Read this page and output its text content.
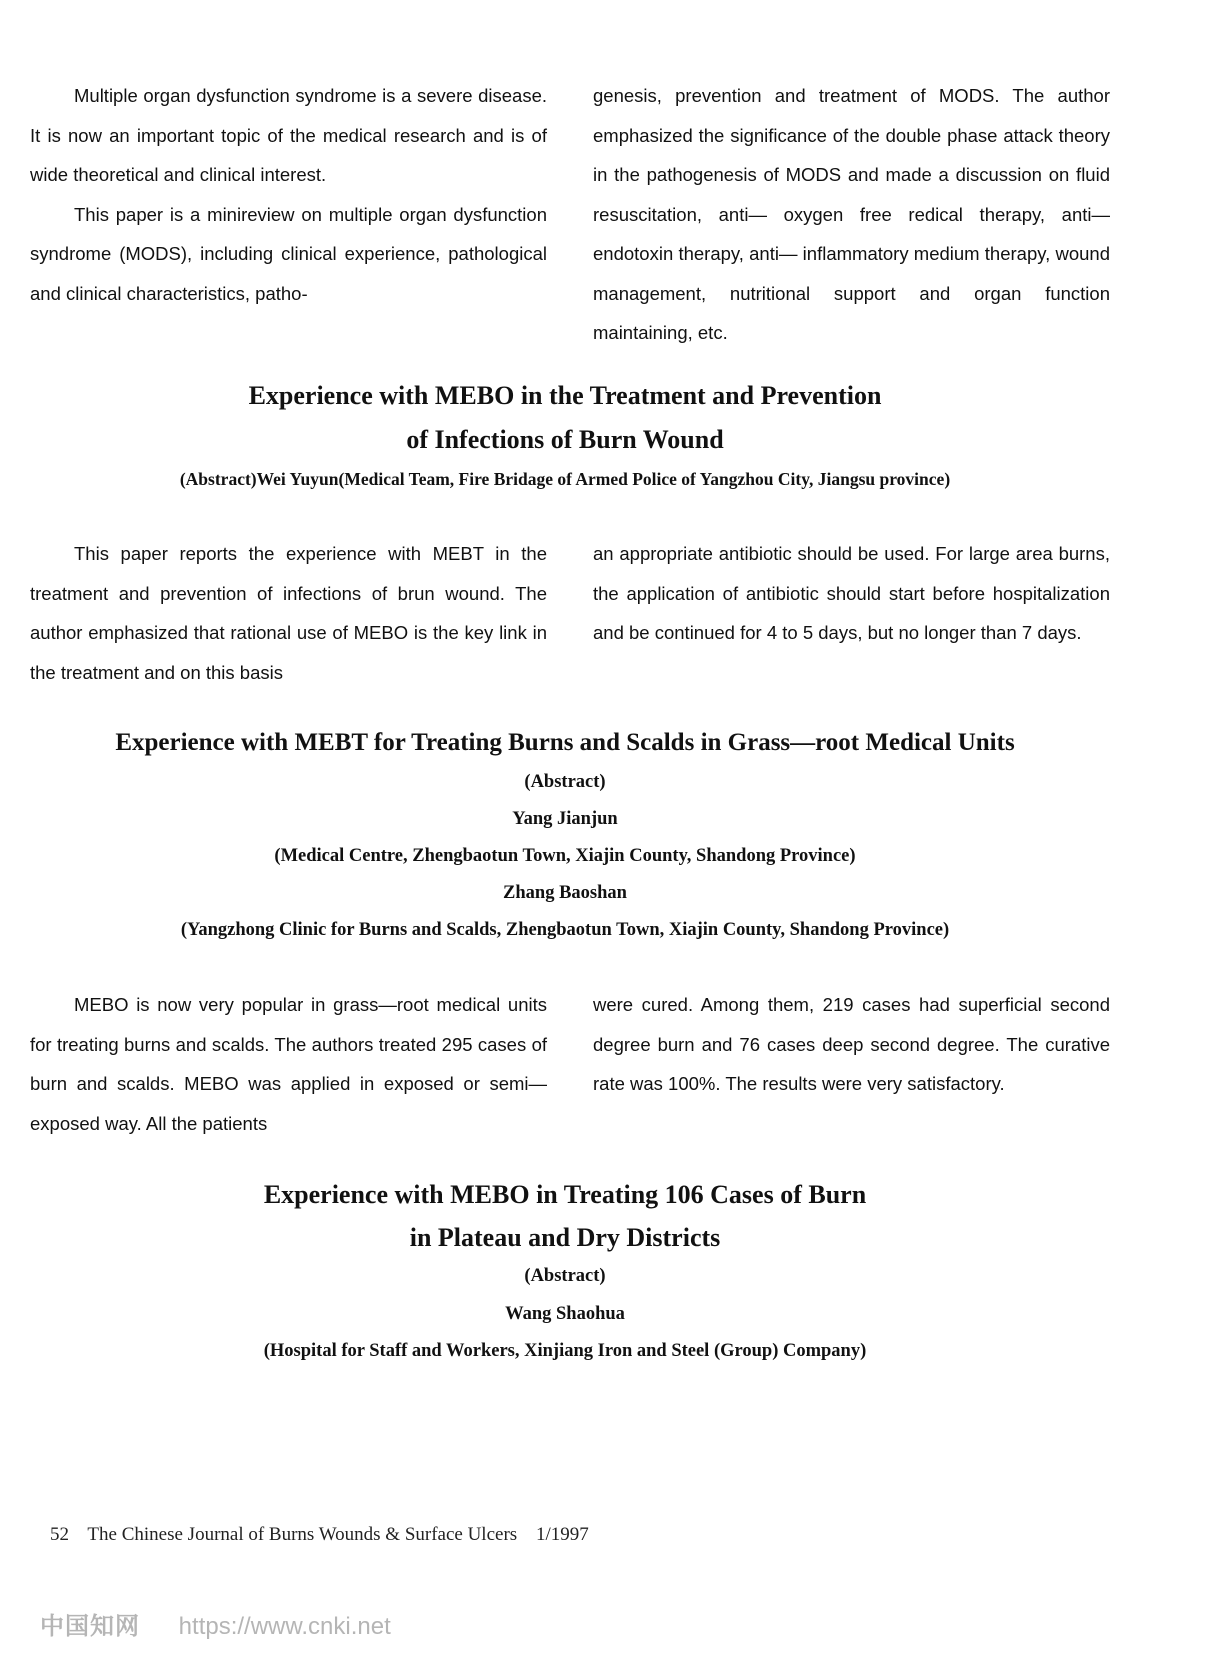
Multiple organ dysfunction syndrome is a severe disease. It is now an important topic of the medical research and is of wide theoretical and clinical interest.

This paper is a minireview on multiple organ dysfunction syndrome (MODS), including clinical experience, pathological and clinical characteristics, patho-

genesis, prevention and treatment of MODS. The author emphasized the significance of the double phase attack theory in the pathogenesis of MODS and made a discussion on fluid resuscitation, anti— oxygen free redical therapy, anti— endotoxin therapy, anti— inflammatory medium therapy, wound management, nutritional support and organ function maintaining, etc.

Experience with MEBO in the Treatment and Prevention
of Infections of Burn Wound
(Abstract)Wei Yuyun(Medical Team, Fire Bridage of Armed Police of Yangzhou City, Jiangsu province)

This paper reports the experience with MEBT in the treatment and prevention of infections of brun wound. The author emphasized that rational use of MEBO is the key link in the treatment and on this basis

an appropriate antibiotic should be used. For large area burns, the application of antibiotic should start before hospitalization and be continued for 4 to 5 days, but no longer than 7 days.

Experience with MEBT for Treating Burns and Scalds in Grass—root Medical Units
(Abstract)
Yang Jianjun
(Medical Centre, Zhengbaotun Town, Xiajin County, Shandong Province)
Zhang Baoshan
(Yangzhong Clinic for Burns and Scalds, Zhengbaotun Town, Xiajin County, Shandong Province)

MEBO is now very popular in grass—root medical units for treating burns and scalds. The authors treated 295 cases of burn and scalds. MEBO was applied in exposed or semi—exposed way. All the patients

were cured. Among them, 219 cases had superficial second degree burn and 76 cases deep second degree. The curative rate was 100%. The results were very satisfactory.

Experience with MEBO in Treating 106 Cases of Burn
in Plateau and Dry Districts
(Abstract)
Wang Shaohua
(Hospital for Staff and Workers, Xinjiang Iron and Steel (Group) Company)
52 The Chinese Journal of Burns Wounds & Surface Ulcers 1/1997
中国知网 https://www.cnki.net
